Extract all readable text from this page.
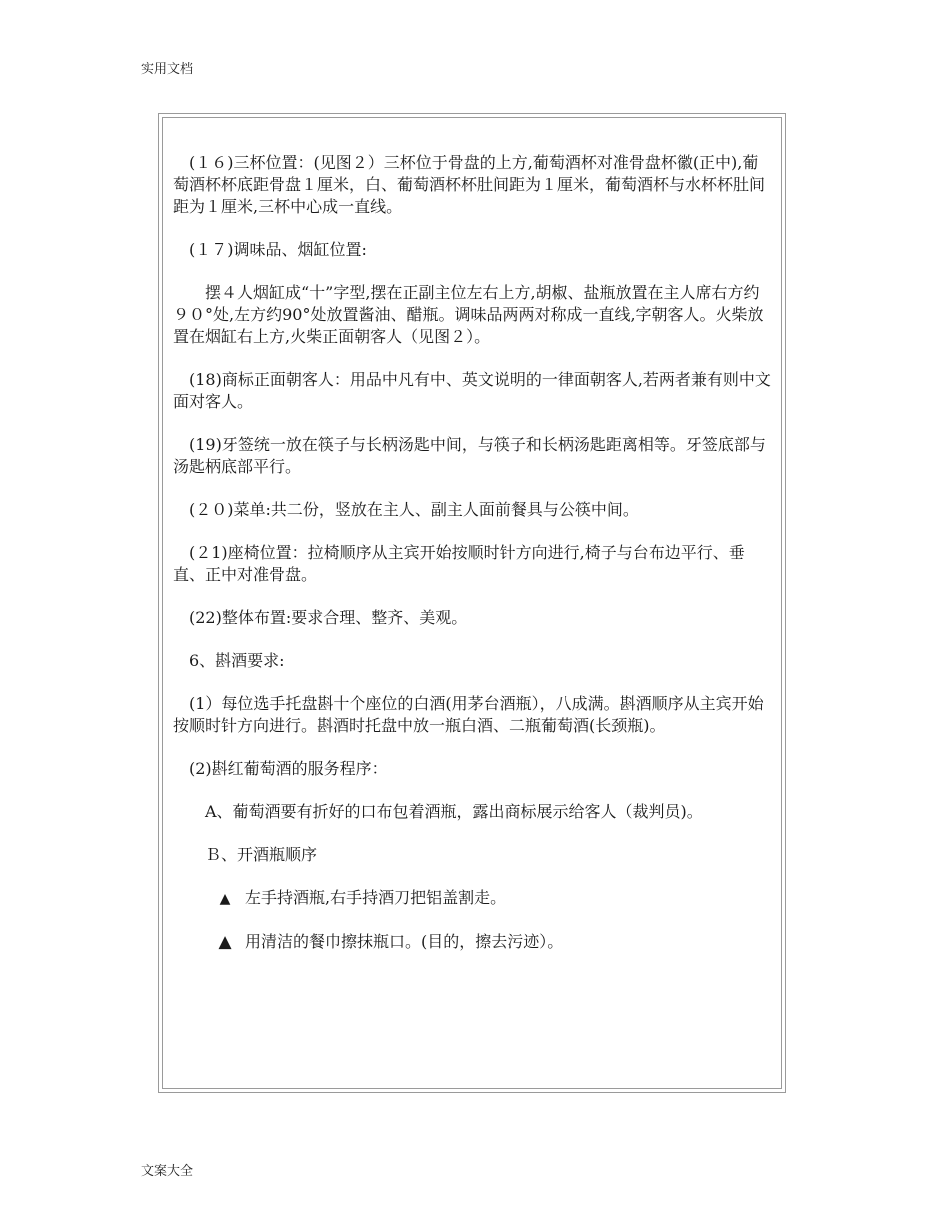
实用文档

　(１６)三杯位置：(见图２）三杯位于骨盘的上方,葡萄酒杯对准骨盘杯徽(正中),葡萄酒杯杯底距骨盘１厘米，白、葡萄酒杯杯肚间距为１厘米，葡萄酒杯与水杯杯肚间距为１厘米,三杯中心成一直线。

　(１７)调味品、烟缸位置:

　　摆４人烟缸成“十”字型,摆在正副主位左右上方,胡椒、盐瓶放置在主人席右方约９０°处,左方约90°处放置酱油、醋瓶。调味品两两对称成一直线,字朝客人。火柴放置在烟缸右上方,火柴正面朝客人（见图２）。

　(18)商标正面朝客人：用品中凡有中、英文说明的一律面朝客人,若两者兼有则中文面对客人。

　(19)牙签统一放在筷子与长柄汤匙中间，与筷子和长柄汤匙距离相等。牙签底部与汤匙柄底部平行。

　(２０)菜单:共二份，竖放在主人、副主人面前餐具与公筷中间。

　(２1)座椅位置：拉椅顺序从主宾开始按顺时针方向进行,椅子与台布边平行、垂直、正中对准骨盘。

　(22)整体布置:要求合理、整齐、美观。

　6、斟酒要求:

　(1）每位选手托盘斟十个座位的白酒(用茅台酒瓶），八成满。斟酒顺序从主宾开始按顺时针方向进行。斟酒时托盘中放一瓶白酒、二瓶葡萄酒(长颈瓶)。

　(2)斟红葡萄酒的服务程序：

　　A、葡萄酒要有折好的口布包着酒瓶，露出商标展示给客人（裁判员)。

　　Ｂ、开酒瓶顺序

▲ 左手持酒瓶,右手持酒刀把铝盖割走。
▲ 用清洁的餐巾擦抹瓶口。(目的，擦去污迹）。
文案大全
